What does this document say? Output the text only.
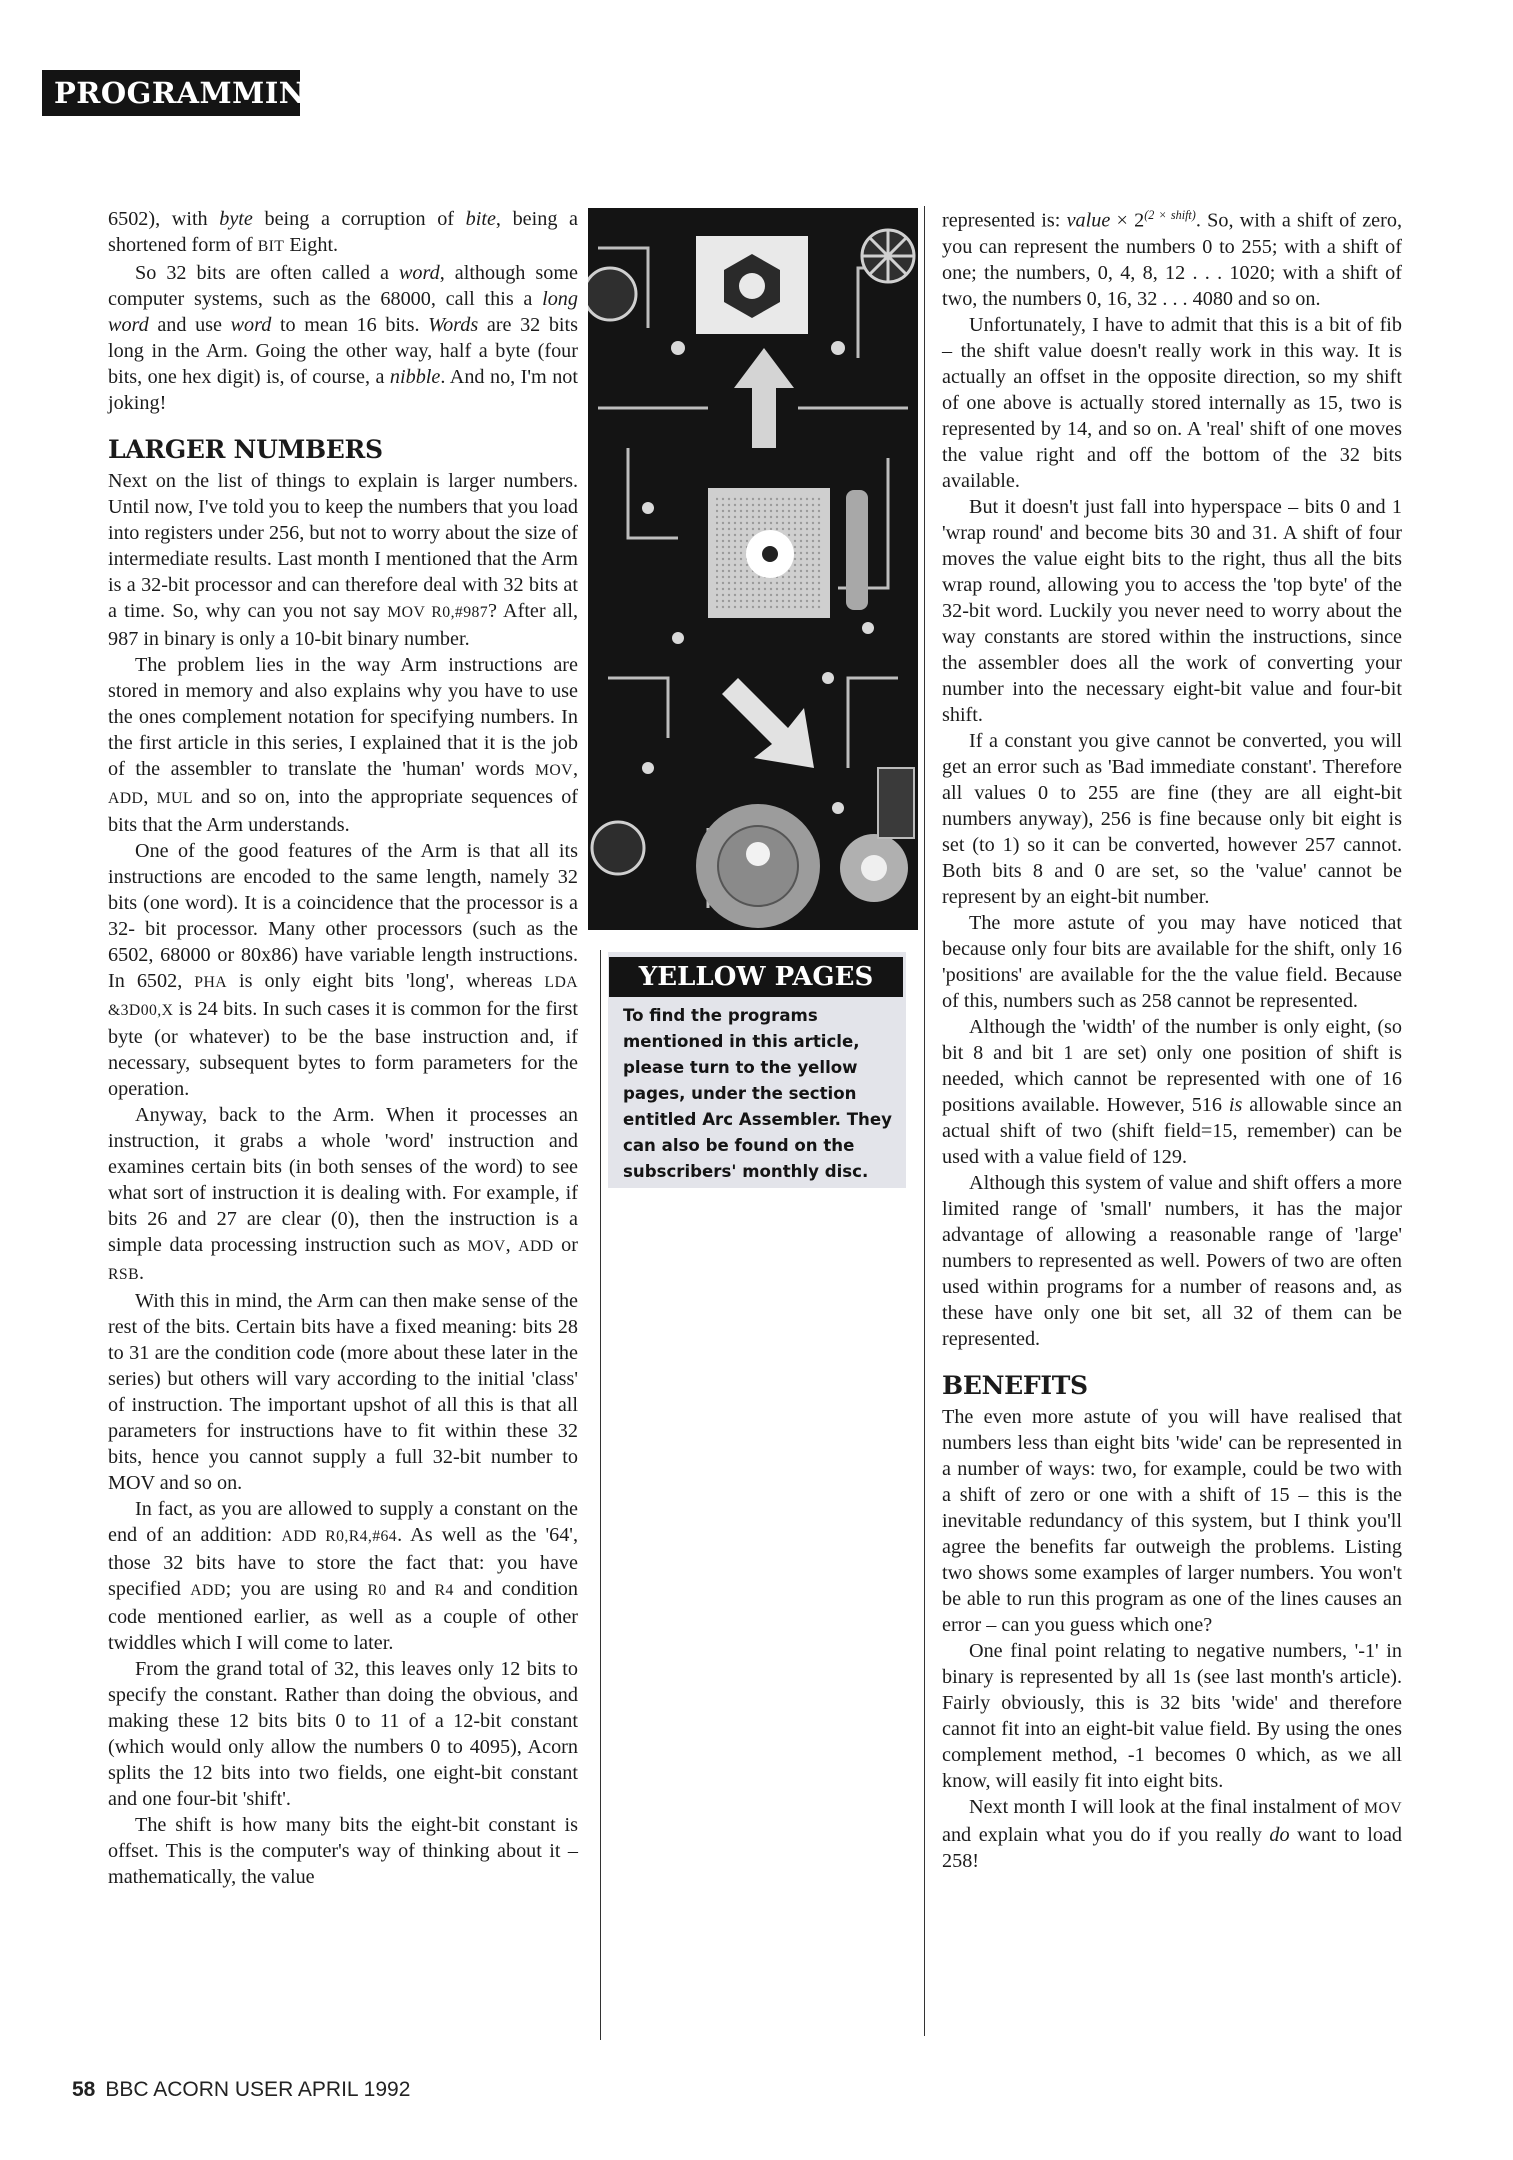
PROGRAMMING

6502), with byte being a corruption of bite, being a shortened form of BIT Eight.

So 32 bits are often called a word, although some computer systems, such as the 68000, call this a long word and use word to mean 16 bits. Words are 32 bits long in the Arm. Going the other way, half a byte (four bits, one hex digit) is, of course, a nibble. And no, I'm not joking!

LARGER NUMBERS

Next on the list of things to explain is larger numbers. Until now, I've told you to keep the numbers that you load into registers under 256, but not to worry about the size of intermediate results. Last month I mentioned that the Arm is a 32-bit processor and can therefore deal with 32 bits at a time. So, why can you not say MOV R0,#987? After all, 987 in binary is only a 10-bit binary number.

The problem lies in the way Arm instructions are stored in memory and also explains why you have to use the ones complement notation for specifying numbers. In the first article in this series, I explained that it is the job of the assembler to translate the 'human' words MOV, ADD, MUL and so on, into the appropriate sequences of bits that the Arm understands.

One of the good features of the Arm is that all its instructions are encoded to the same length, namely 32 bits (one word). It is a coincidence that the processor is a 32- bit processor. Many other processors (such as the 6502, 68000 or 80x86) have variable length instructions. In 6502, PHA is only eight bits 'long', whereas LDA &3D00,X is 24 bits. In such cases it is common for the first byte (or whatever) to be the base instruction and, if necessary, subsequent bytes to form parameters for the operation.

Anyway, back to the Arm. When it processes an instruction, it grabs a whole 'word' instruction and examines certain bits (in both senses of the word) to see what sort of instruction it is dealing with. For example, if bits 26 and 27 are clear (0), then the instruction is a simple data processing instruction such as MOV, ADD or RSB.

With this in mind, the Arm can then make sense of the rest of the bits. Certain bits have a fixed meaning: bits 28 to 31 are the condition code (more about these later in the series) but others will vary according to the initial 'class' of instruction. The important upshot of all this is that all parameters for instructions have to fit within these 32 bits, hence you cannot supply a full 32-bit number to MOV and so on.

In fact, as you are allowed to supply a constant on the end of an addition: ADD R0,R4,#64. As well as the '64', those 32 bits have to store the fact that: you have specified ADD; you are using R0 and R4 and condition code mentioned earlier, as well as a couple of other twiddles which I will come to later.

From the grand total of 32, this leaves only 12 bits to specify the constant. Rather than doing the obvious, and making these 12 bits bits 0 to 11 of a 12-bit constant (which would only allow the numbers 0 to 4095), Acorn splits the 12 bits into two fields, one eight-bit constant and one four-bit 'shift'.

The shift is how many bits the eight-bit constant is offset. This is the computer's way of thinking about it – mathematically, the value

YELLOW PAGES
To find the programs mentioned in this article, please turn to the yellow pages, under the section entitled Arc Assembler. They can also be found on the subscribers' monthly disc.

represented is: value × $2^{(2 \times shift)}$. So, with a shift of zero, you can represent the numbers 0 to 255; with a shift of one; the numbers, 0, 4, 8, 12 . . . 1020; with a shift of two, the numbers 0, 16, 32 . . . 4080 and so on.

Unfortunately, I have to admit that this is a bit of fib – the shift value doesn't really work in this way. It is actually an offset in the opposite direction, so my shift of one above is actually stored internally as 15, two is represented by 14, and so on. A 'real' shift of one moves the value right and off the bottom of the 32 bits available.

But it doesn't just fall into hyperspace – bits 0 and 1 'wrap round' and become bits 30 and 31. A shift of four moves the value eight bits to the right, thus all the bits wrap round, allowing you to access the 'top byte' of the 32-bit word. Luckily you never need to worry about the way constants are stored within the instructions, since the assembler does all the work of converting your number into the necessary eight-bit value and four-bit shift.

If a constant you give cannot be converted, you will get an error such as 'Bad immediate constant'. Therefore all values 0 to 255 are fine (they are all eight-bit numbers anyway), 256 is fine because only bit eight is set (to 1) so it can be converted, however 257 cannot. Both bits 8 and 0 are set, so the 'value' cannot be represent by an eight-bit number.

The more astute of you may have noticed that because only four bits are available for the shift, only 16 'positions' are available for the the value field. Because of this, numbers such as 258 cannot be represented.

Although the 'width' of the number is only eight, (so bit 8 and bit 1 are set) only one position of shift is needed, which cannot be represented with one of 16 positions available. However, 516 is allowable since an actual shift of two (shift field=15, remember) can be used with a value field of 129.

Although this system of value and shift offers a more limited range of 'small' numbers, it has the major advantage of allowing a reasonable range of 'large' numbers to represented as well. Powers of two are often used within programs for a number of reasons and, as these have only one bit set, all 32 of them can be represented.

BENEFITS

The even more astute of you will have realised that numbers less than eight bits 'wide' can be represented in a number of ways: two, for example, could be two with a shift of zero or one with a shift of 15 – this is the inevitable redundancy of this system, but I think you'll agree the benefits far outweigh the problems. Listing two shows some examples of larger numbers. You won't be able to run this program as one of the lines causes an error – can you guess which one?

One final point relating to negative numbers, '-1' in binary is represented by all 1s (see last month's article). Fairly obviously, this is 32 bits 'wide' and therefore cannot fit into an eight-bit value field. By using the ones complement method, -1 becomes 0 which, as we all know, will easily fit into eight bits.

Next month I will look at the final instalment of MOV and explain what you do if you really do want to load 258!

58 BBC ACORN USER APRIL 1992
